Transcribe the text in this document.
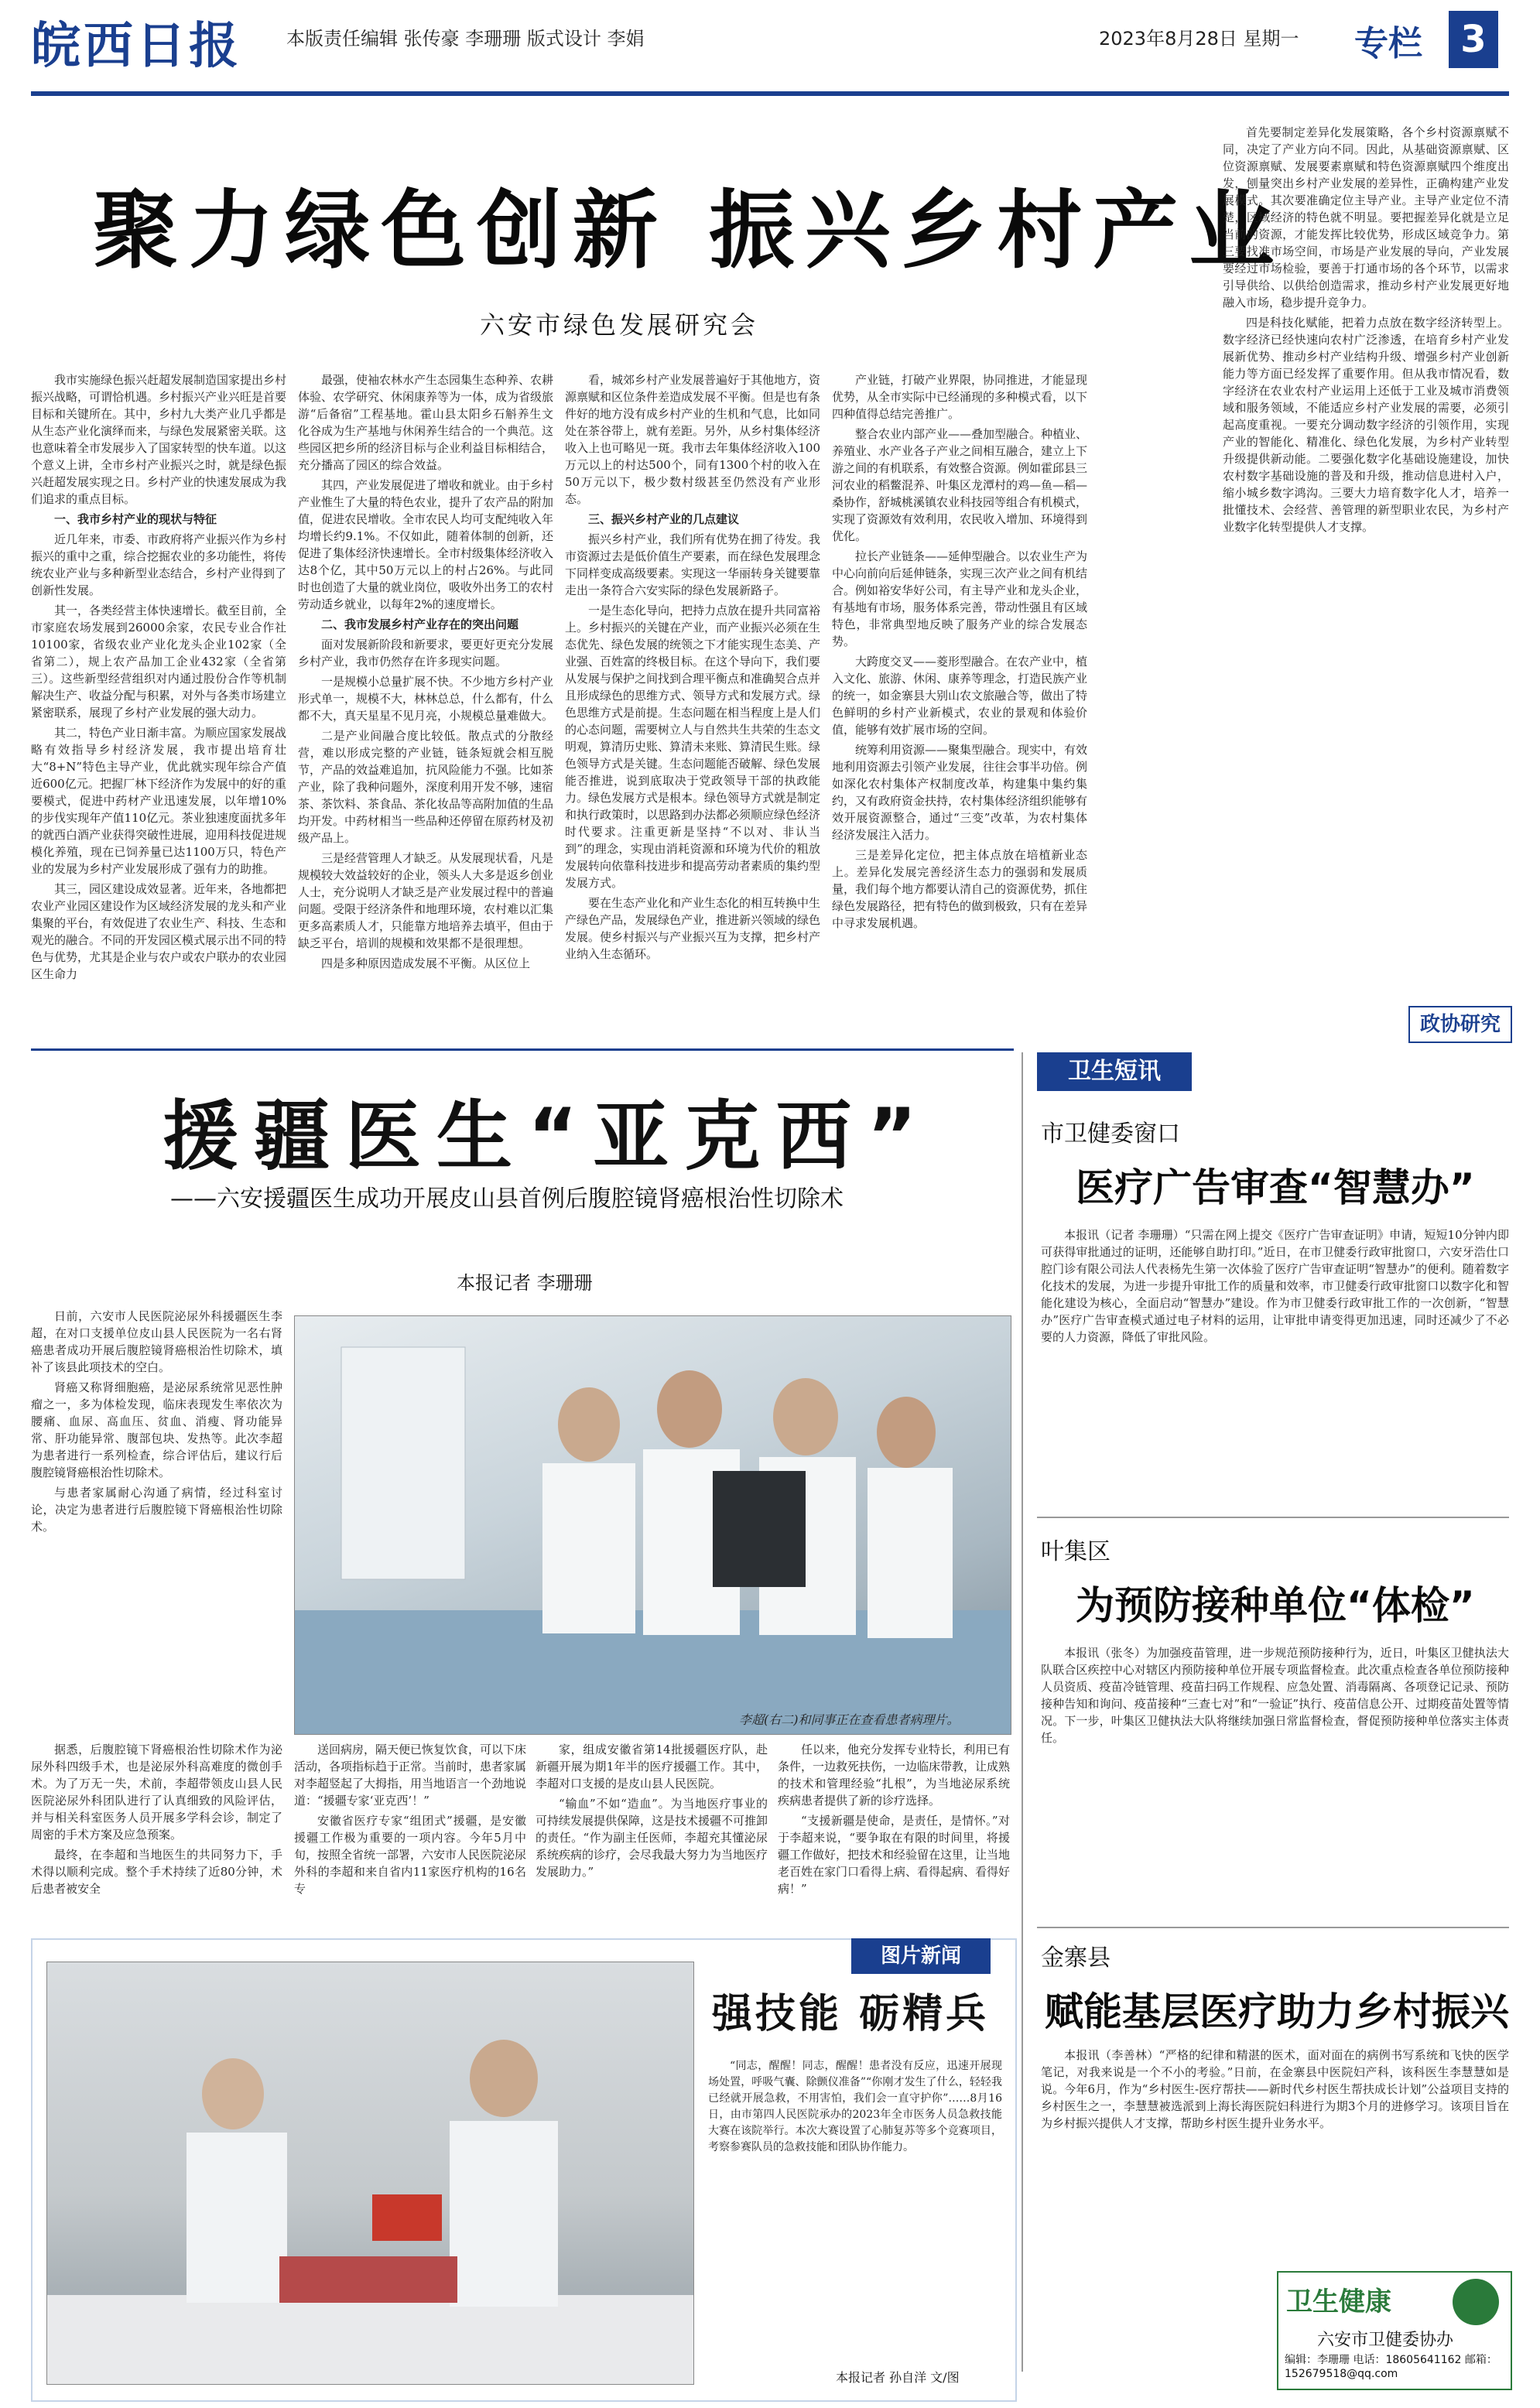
皖西日报 本版责任编辑 张传豪 李珊珊 版式设计 李娟	2023年8月28日 星期一 专栏	3
聚力绿色创新 振兴乡村产业
六安市绿色发展研究会

我市实施绿色振兴赶超发展制造国家提出乡村振兴战略，可谓恰机遇。乡村振兴产业兴旺是首要目标和关键所在。其中，乡村九大类产业几乎都是从生态产业化演绎而来，与绿色发展紧密关联。这也意味着全市发展步入了国家转型的快车道。以这个意义上讲，全市乡村产业振兴之时，就是绿色振兴赶超发展实现之日。乡村产业的快速发展成为我们追求的重点目标。

一、我市乡村产业的现状与特征

近几年来，市委、市政府将产业振兴作为乡村振兴的重中之重，综合挖掘农业的多功能性，将传统农业产业与多种新型业态结合，乡村产业得到了创新性发展。

其一，各类经营主体快速增长。截至目前，全市家庭农场发展到26000余家，农民专业合作社10100家，省级农业产业化龙头企业102家（全省第二），规上农产品加工企业432家（全省第三）。这些新型经营组织对内通过股份合作等机制解决生产、收益分配与积累，对外与各类市场建立紧密联系，展现了乡村产业发展的强大动力。

其二，特色产业日渐丰富。为顺应国家发展战略有效指导乡村经济发展，我市提出培育壮大“8+N”特色主导产业，优此就实现年综合产值近600亿元。把握厂林下经济作为发展中的好的重要模式，促进中药材产业迅速发展，以年增10%的步伐实现年产值110亿元。茶业独速度面扰多年的就西白酒产业获得突破性进展，迎用科技促进规模化养殖，现在已饲养量已达1100万只，特色产业的发展为乡村产业发展形成了强有力的助推。

其三，园区建设成效显著。近年来，各地都把农业产业园区建设作为区域经济发展的龙头和产业集聚的平台，有效促进了农业生产、科技、生态和观光的融合。不同的开发园区模式展示出不同的特色与优势，尤其是企业与农户或农户联办的农业园区生命力

最强，使袖农林水产生态园集生态种养、农耕体验、农学研究、休闲康养等为一体，成为省级旅游“后备宿”工程基地。霍山县太阳乡石斛养生文化谷成为生产基地与休闲养生结合的一个典范。这些园区把乡所的经济目标与企业利益目标相结合，充分播高了园区的综合效益。

其四，产业发展促进了增收和就业。由于乡村产业惟生了大量的特色农业，提升了农产品的附加值，促进农民增收。全市农民人均可支配纯收入年均增长约9.1%。不仅如此，随着体制的创新，还促进了集体经济快速增长。全市村级集体经济收入达8个亿，其中50万元以上的村占26%。与此同时也创造了大量的就业岗位，吸收外出务工的农村劳动适乡就业，以每年2%的速度增长。

二、我市发展乡村产业存在的突出问题

面对发展新阶段和新要求，要更好更充分发展乡村产业，我市仍然存在许多现实问题。

一是规模小总量扩展不快。不少地方乡村产业形式单一，规模不大，林林总总，什么都有，什么都不大，真天星星不见月亮，小规模总量难做大。

二是产业间融合度比较低。散点式的分散经营，难以形成完整的产业链，链条短就会相互脱节，产品的效益难追加，抗风险能力不强。比如茶产业，除了我种问题外，深度利用开发不够，速宿茶、茶饮料、茶食品、茶化妆品等高附加值的生品均开发。中药材相当一些品种还停留在原药材及初级产品上。

三是经营管理人才缺乏。从发展现状看，凡是规模较大效益较好的企业，领头人大多是返乡创业人士，充分说明人才缺乏是产业发展过程中的普遍问题。受限于经济条件和地理环境，农村难以汇集更多高素质人才，只能靠方地培养去填平，但由于缺乏平台，培训的规模和效果都不是很理想。

四是多种原因造成发展不平衡。从区位上

看，城郊乡村产业发展普遍好于其他地方，资源禀赋和区位条件差造成发展不平衡。但是也有条件好的地方没有成乡村产业的生机和气息，比如同处在茶谷带上，就有差距。另外，从乡村集体经济收入上也可略见一斑。我市去年集体经济收入100万元以上的村达500个，同有1300个村的收入在50万元以下，极少数村级甚至仍然没有产业形态。

三、振兴乡村产业的几点建议

振兴乡村产业，我们所有优势在拥了待发。我市资源过去是低价值生产要素，而在绿色发展理念下同样变成高级要素。实现这一华丽转身关键要靠走出一条符合六安实际的绿色发展新路子。

一是生态化导向，把持力点放在提升共同富裕上。乡村振兴的关键在产业，而产业振兴必须在生态优先、绿色发展的统领之下才能实现生态美、产业强、百姓富的终极目标。在这个导向下，我们要从发展与保护之间找到合理平衡点和准确契合点并且形成绿色的思维方式、领导方式和发展方式。绿色思维方式是前提。生态问题在相当程度上是人们的心态问题，需要树立人与自然共生共荣的生态文明观，算清历史账、算清未来账、算清民生账。绿色领导方式是关键。生态问题能否破解、绿色发展能否推进，说到底取决于党政领导干部的执政能力。绿色发展方式是根本。绿色领导方式就是制定和执行政策时，以思路到办法都必须顺应绿色经济时代要求。注重更新是坚持“不以对、非认当到”的理念，实现由消耗资源和环境为代价的粗放发展转向依靠科技进步和提高劳动者素质的集约型发展方式。

要在生态产业化和产业生态化的相互转换中生产绿色产品，发展绿色产业，推进新兴领域的绿色发展。使乡村振兴与产业振兴互为支撑，把乡村产业纳入生态循环。

产业链，打破产业界限，协同推进，才能显现优势，从全市实际中已经涌现的多种模式看，以下四种值得总结完善推广。

整合农业内部产业——叠加型融合。种植业、养殖业、水产业各子产业之间相互融合，建立上下游之间的有机联系，有效整合资源。例如霍邱县三河农业的稻鳖混养、叶集区龙潭村的鸡—鱼—稻—桑协作，舒城桃溪镇农业科技园等组合有机模式，实现了资源效有效利用，农民收入增加、环境得到优化。

拉长产业链条——延伸型融合。以农业生产为中心向前向后延伸链条，实现三次产业之间有机结合。例如裕安华好公司，有主导产业和龙头企业，有基地有市场，服务体系完善，带动性强且有区域特色，非常典型地反映了服务产业的综合发展态势。

大跨度交叉——菱形型融合。在农产业中，植入文化、旅游、休闲、康养等理念，打造民族产业的统一，如金寨县大别山农文旅融合等，做出了特色鲜明的乡村产业新模式，农业的景观和体验价值，能够有效扩展市场的空间。

统筹利用资源——聚集型融合。现实中，有效地利用资源去引领产业发展，往往会事半功倍。例如深化农村集体产权制度改革，构建集中集约集约，又有政府资金扶持，农村集体经济组织能够有效开展资源整合，通过“三变”改革，为农村集体经济发展注入活力。

三是差异化定位，把主体点放在培植新业态上。差异化发展完善经济生态力的强弱和发展质量，我们每个地方都要认清自己的资源优势，抓住绿色发展路径，把有特色的做到极致，只有在差异中寻求发展机遇。

首先要制定差异化发展策略，各个乡村资源禀赋不同，决定了产业方向不同。因此，从基础资源禀赋、区位资源禀赋、发展要素禀赋和特色资源禀赋四个维度出发，刨量突出乡村产业发展的差异性，正确构建产业发展模式。其次要准确定位主导产业。主导产业定位不清楚，区域经济的特色就不明显。要把握差异化就是立足当前的资源，才能发挥比较优势，形成区域竞争力。第三要找准市场空间，市场是产业发展的导向，产业发展要经过市场检验，要善于打通市场的各个环节，以需求引导供给、以供给创造需求，推动乡村产业发展更好地融入市场，稳步提升竞争力。

四是科技化赋能，把着力点放在数字经济转型上。数字经济已经快速向农村广泛渗透，在培育乡村产业发展新优势、推动乡村产业结构升级、增强乡村产业创新能力等方面已经发挥了重要作用。但从我市情况看，数字经济在农业农村产业运用上还低于工业及城市消费领域和服务领域，不能适应乡村产业发展的需要，必须引起高度重视。一要充分调动数字经济的引领作用，实现产业的智能化、精准化、绿色化发展，为乡村产业转型升级提供新动能。二要强化数字化基础设施建设，加快农村数字基础设施的普及和升级，推动信息进村入户，缩小城乡数字鸿沟。三要大力培育数字化人才，培养一批懂技术、会经营、善管理的新型职业农民，为乡村产业数字化转型提供人才支撑。

政协研究
援疆医生“亚克西”
——六安援疆医生成功开展皮山县首例后腹腔镜肾癌根治性切除术
本报记者 李珊珊

日前，六安市人民医院泌尿外科援疆医生李超，在对口支援单位皮山县人民医院为一名右肾癌患者成功开展后腹腔镜肾癌根治性切除术，填补了该县此项技术的空白。

肾癌又称肾细胞癌，是泌尿系统常见恶性肿瘤之一，多为体检发现，临床表现发生率依次为腰痛、血尿、高血压、贫血、消瘦、肾功能异常、肝功能异常、腹部包块、发热等。此次李超为患者进行一系列检查，综合评估后，建议行后腹腔镜肾癌根治性切除术。

与患者家属耐心沟通了病情，经过科室讨论，决定为患者进行后腹腔镜下肾癌根治性切除术。

李超(右二)和同事正在查看患者病理片。

据悉，后腹腔镜下肾癌根治性切除术作为泌尿外科四级手术，也是泌尿外科高难度的微创手术。为了万无一失，术前，李超带领皮山县人民医院泌尿外科团队进行了认真细致的风险评估，并与相关科室医务人员开展多学科会诊，制定了周密的手术方案及应急预案。

最终，在李超和当地医生的共同努力下，手术得以顺利完成。整个手术持续了近80分钟，术后患者被安全

送回病房，隔天便已恢复饮食，可以下床活动，各项指标趋于正常。当前时，患者家属对李超竖起了大拇指，用当地语言一个劲地说道：“援疆专家‘亚克西’！”

安徽省医疗专家“组团式”援疆，是安徽援疆工作极为重要的一项内容。今年5月中旬，按照全省统一部署，六安市人民医院泌尿外科的李超和来自省内11家医疗机构的16名专

家，组成安徽省第14批援疆医疗队，赴新疆开展为期1年半的医疗援疆工作。其中，李超对口支援的是皮山县人民医院。

“输血”不如“造血”。为当地医疗事业的可持续发展提供保障，这是技术援疆不可推卸的责任。“作为副主任医师，李超充其懂泌尿系统疾病的诊疗，会尽我最大努力为当地医疗发展助力。”

任以来，他充分发挥专业特长，利用已有条件，一边救死扶伤，一边临床带教，让成熟的技术和管理经验“扎根”，为当地泌尿系统疾病患者提供了新的诊疗选择。

“支援新疆是使命，是责任，是情怀。”对于李超来说，“要争取在有限的时间里，将援疆工作做好，把技术和经验留在这里，让当地老百姓在家门口看得上病、看得起病、看得好病！”

图片新闻
强技能 砺精兵

“同志，醒醒！同志，醒醒！患者没有反应，迅速开展现场处置，呼吸气囊、除颤仪准备”“你刚才发生了什么，轻轻我已经就开展急救，不用害怕，我们会一直守护你”……8月16日，由市第四人民医院承办的2023年全市医务人员急救技能大赛在该院举行。本次大赛设置了心肺复苏等多个竞赛项目，考察参赛队员的急救技能和团队协作能力。

本报记者 孙自洋 文/图
卫生短讯
市卫健委窗口
医疗广告审查“智慧办”

本报讯（记者 李珊珊）“只需在网上提交《医疗广告审查证明》申请，短短10分钟内即可获得审批通过的证明，还能够自助打印。”近日，在市卫健委行政审批窗口，六安牙浩仕口腔门诊有限公司法人代表杨先生第一次体验了医疗广告审查证明“智慧办”的便利。随着数字化技术的发展，为进一步提升审批工作的质量和效率，市卫健委行政审批窗口以数字化和智能化建设为核心，全面启动“智慧办”建设。作为市卫健委行政审批工作的一次创新，“智慧办”医疗广告审查模式通过电子材料的运用，让审批申请变得更加迅速，同时还减少了不必要的人力资源，降低了审批风险。

叶集区
为预防接种单位“体检”

本报讯（张冬）为加强疫苗管理，进一步规范预防接种行为，近日，叶集区卫健执法大队联合区疾控中心对辖区内预防接种单位开展专项监督检查。此次重点检查各单位预防接种人员资质、疫苗冷链管理、疫苗扫码工作规程、应急处置、消毒隔离、各项登记记录、预防接种告知和询问、疫苗接种“三查七对”和“一验证”执行、疫苗信息公开、过期疫苗处置等情况。下一步，叶集区卫健执法大队将继续加强日常监督检查，督促预防接种单位落实主体责任。

金寨县
赋能基层医疗助力乡村振兴

本报讯（李善林）“严格的纪律和精湛的医术，面对面在的病例书写系统和飞快的医学笔记，对我来说是一个不小的考验。”日前，在金寨县中医院妇产科，该科医生李慧慧如是说。今年6月，作为“乡村医生-医疗帮扶——新时代乡村医生帮扶成长计划”公益项目支持的乡村医生之一，李慧慧被选派到上海长海医院妇科进行为期3个月的进修学习。该项目旨在为乡村振兴提供人才支撑，帮助乡村医生提升业务水平。

卫生健康
六安市卫健委协办
编辑：李珊珊 电话：18605641162 邮箱：152679518@qq.com
